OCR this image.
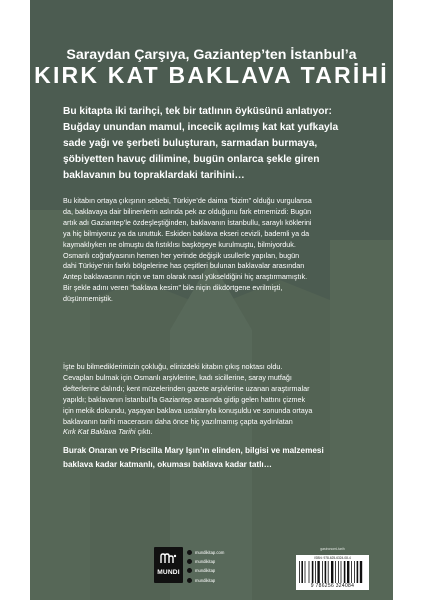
Saraydan Çarşıya, Gaziantep’ten İstanbul’a
KIRK KAT BAKLAVA TARİHİ
Bu kitapta iki tarihçi, tek bir tatlının öyküsünü anlatıyor:
Buğday unundan mamul, incecik açılmış kat kat yufkayla
sade yağı ve şerbeti buluşturan, sarmadan burmaya,
şöbiyetten havuç dilimine, bugün onlarca şekle giren
baklavanın bu topraklardaki tarihini…
Bu kitabın ortaya çıkışının sebebi, Türkiye’de daima “bizim” olduğu vurgulansa
da, baklavaya dair bilinenlerin aslında pek az olduğunu fark etmemizdi: Bugün
artık adı Gaziantep’le özdeşleştiğinden, baklavanın İstanbullu, saraylı köklerini
ya hiç bilmiyoruz ya da unuttuk. Eskiden baklava ekseri cevizli, bademli ya da
kaymaklıyken ne olmuştu da fıstıklısı başköşeye kurulmuştu, bilmiyorduk.
Osmanlı coğrafyasının hemen her yerinde değişik usullerle yapılan, bugün
dahi Türkiye’nin farklı bölgelerine has çeşitleri bulunan baklavalar arasından
Antep baklavasının niçin ve tam olarak nasıl yükseldiğini hiç araştırmamıştık.
Bir şekle adını veren “baklava kesim” bile niçin dikdörtgene evrilmişti,
düşünmemiştik.
İşte bu bilmediklerimizin çokluğu, elinizdeki kitabın çıkış noktası oldu.
Cevapları bulmak için Osmanlı arşivlerine, kadı sicillerine, saray mutfağı
defterlerine dalındı; kent müzelerinden gazete arşivlerine uzanan araştırmalar
yapıldı; baklavanın İstanbul’la Gaziantep arasında gidip gelen hattını çizmek
için mekik dokundu, yaşayan baklava ustalarıyla konuşuldu ve sonunda ortaya
baklavanın tarihi macerasını daha önce hiç yazılmamış çapta aydınlatan
Kırk Kat Baklava Tarihi çıktı.
Burak Onaran ve Priscilla Mary Işın’ın elinden, bilgisi ve malzemesi
baklava kadar katmanlı, okuması baklava kadar tatlı…
MUNDI
mundikitap.com
mundikitap
mundikitap
mundikitap
gastronomi-tarih
ISBN: 978-625-6324-08-4
9 786256 324084
